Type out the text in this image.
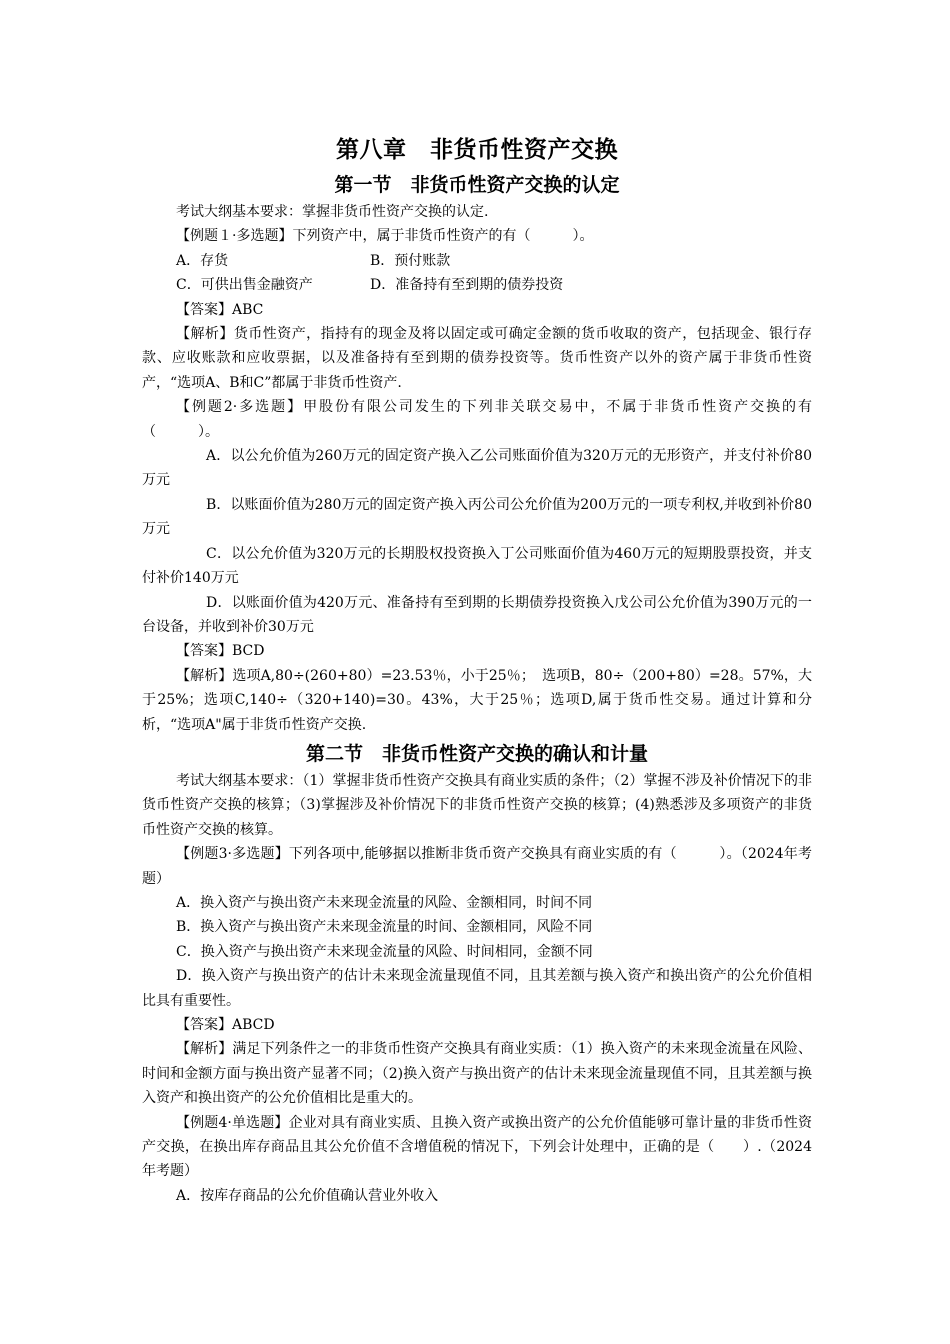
第八章　非货币性资产交换
第一节　非货币性资产交换的认定

考试大纲基本要求：掌握非货币性资产交换的认定.

【例题１·多选题】下列资产中，属于非货币性资产的有（　　　）。

A．存货	B．预付账款
C．可供出售金融资产	D．准备持有至到期的债券投资

【答案】ABC

【解析】货币性资产，指持有的现金及将以固定或可确定金额的货币收取的资产，包括现金、银行存款、应收账款和应收票据，以及准备持有至到期的债券投资等。货币性资产以外的资产属于非货币性资产，“选项A、B和C”都属于非货币性资产.

【例题2·多选题】甲股份有限公司发生的下列非关联交易中，不属于非货币性资产交换的有（　　　）。

A．以公允价值为260万元的固定资产换入乙公司账面价值为320万元的无形资产，并支付补价80万元

B．以账面价值为280万元的固定资产换入丙公司公允价值为200万元的一项专利权,并收到补价80万元

C．以公允价值为320万元的长期股权投资换入丁公司账面价值为460万元的短期股票投资，并支付补价140万元

D．以账面价值为420万元、准备持有至到期的长期债券投资换入戊公司公允价值为390万元的一台设备，并收到补价30万元

【答案】BCD

【解析】选项A,80÷(260+80）=23.53％，小于25％；　选项B，80÷（200+80）=28。57%，大于25%；选项C,140÷（320+140)=30。43%，大于25％；选项D,属于货币性交易。通过计算和分析，“选项A"属于非货币性资产交换.

第二节　非货币性资产交换的确认和计量

考试大纲基本要求：（1）掌握非货币性资产交换具有商业实质的条件；（2）掌握不涉及补价情况下的非货币性资产交换的核算；（3)掌握涉及补价情况下的非货币性资产交换的核算；(4)熟悉涉及多项资产的非货币性资产交换的核算。

【例题3·多选题】下列各项中,能够据以推断非货币资产交换具有商业实质的有（　　　）。（2024年考题）

A．换入资产与换出资产未来现金流量的风险、金额相同，时间不同

B．换入资产与换出资产未来现金流量的时间、金额相同，风险不同

C．换入资产与换出资产未来现金流量的风险、时间相同，金额不同

D．换入资产与换出资产的估计未来现金流量现值不同，且其差额与换入资产和换出资产的公允价值相比具有重要性。

【答案】ABCD

【解析】满足下列条件之一的非货币性资产交换具有商业实质：（1）换入资产的未来现金流量在风险、时间和金额方面与换出资产显著不同；（2)换入资产与换出资产的估计未来现金流量现值不同，且其差额与换入资产和换出资产的公允价值相比是重大的。

【例题4·单选题】企业对具有商业实质、且换入资产或换出资产的公允价值能够可靠计量的非货币性资产交换，在换出库存商品且其公允价值不含增值税的情况下，下列会计处理中，正确的是（　　）.（2024年考题）

A．按库存商品的公允价值确认营业外收入
